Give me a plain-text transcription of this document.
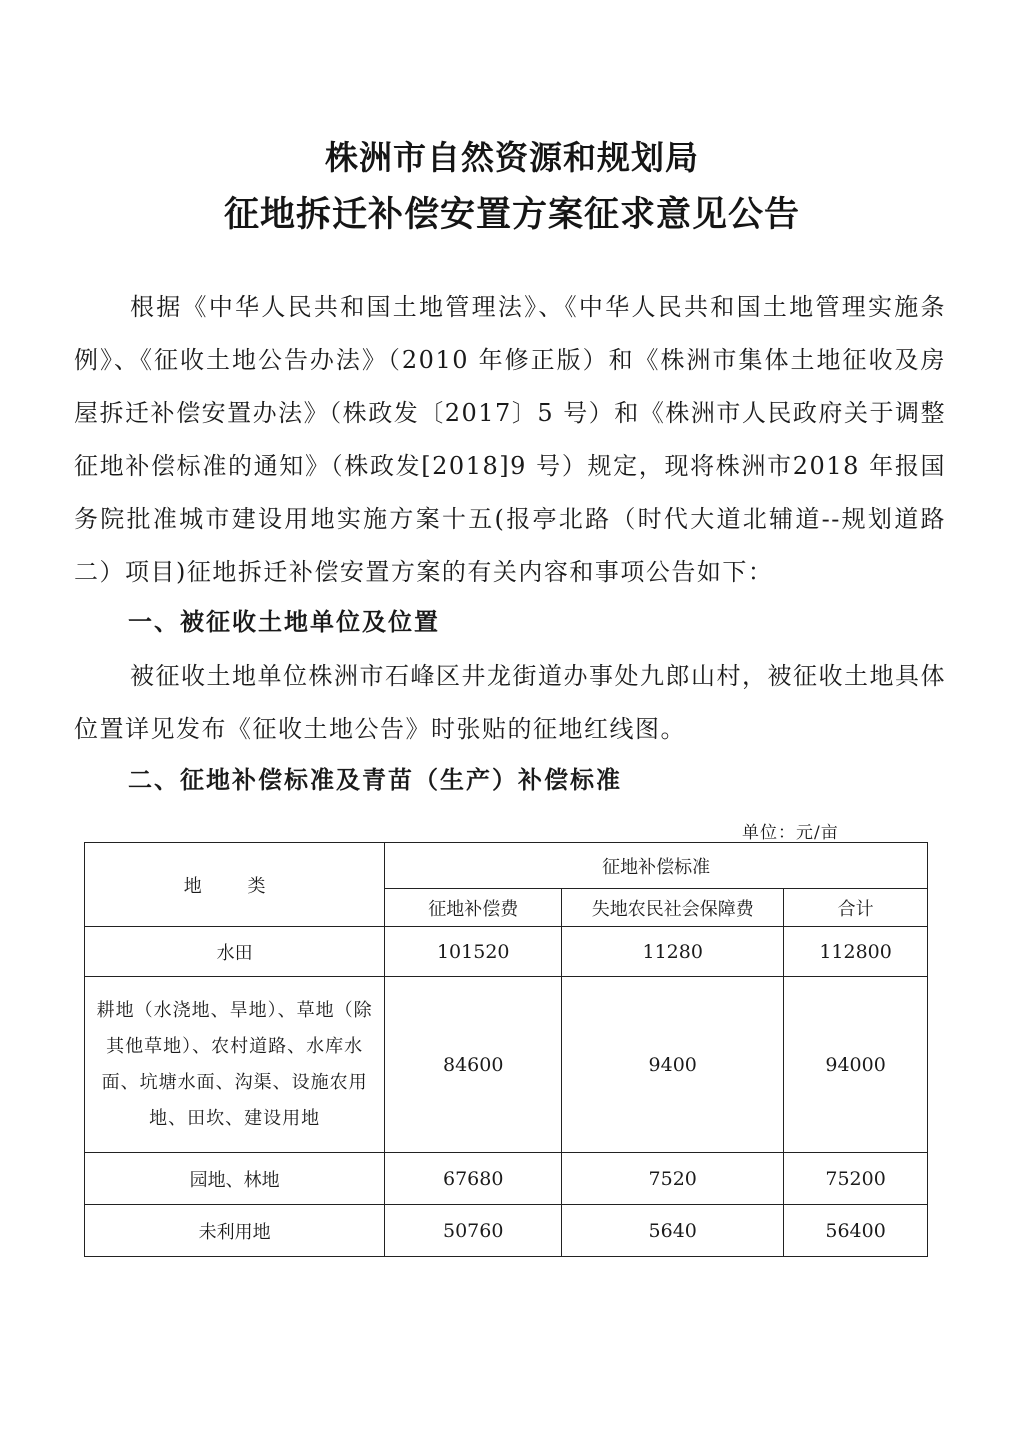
株洲市自然资源和规划局
征地拆迁补偿安置方案征求意见公告
根据《中华人民共和国土地管理法》、《中华人民共和国土地管理实施条例》、《征收土地公告办法》（2010 年修正版）和《株洲市集体土地征收及房屋拆迁补偿安置办法》（株政发〔2017〕5 号）和《株洲市人民政府关于调整征地补偿标准的通知》（株政发[2018]9 号）规定，现将株洲市2018 年报国务院批准城市建设用地实施方案十五(报亭北路（时代大道北辅道--规划道路二）项目)征地拆迁补偿安置方案的有关内容和事项公告如下：
一、被征收土地单位及位置
被征收土地单位株洲市石峰区井龙街道办事处九郎山村，被征收土地具体位置详见发布《征收土地公告》时张贴的征地红线图。
二、征地补偿标准及青苗（生产）补偿标准
单位：元/亩
地 类	征地补偿标准		
	征地补偿费	失地农民社会保障费	合计
水田	101520	11280	112800
耕地（水浇地、旱地）、草地（除其他草地）、农村道路、水库水面、坑塘水面、沟渠、设施农用地、田坎、建设用地	84600	9400	94000
园地、林地	67680	7520	75200
未利用地	50760	5640	56400
